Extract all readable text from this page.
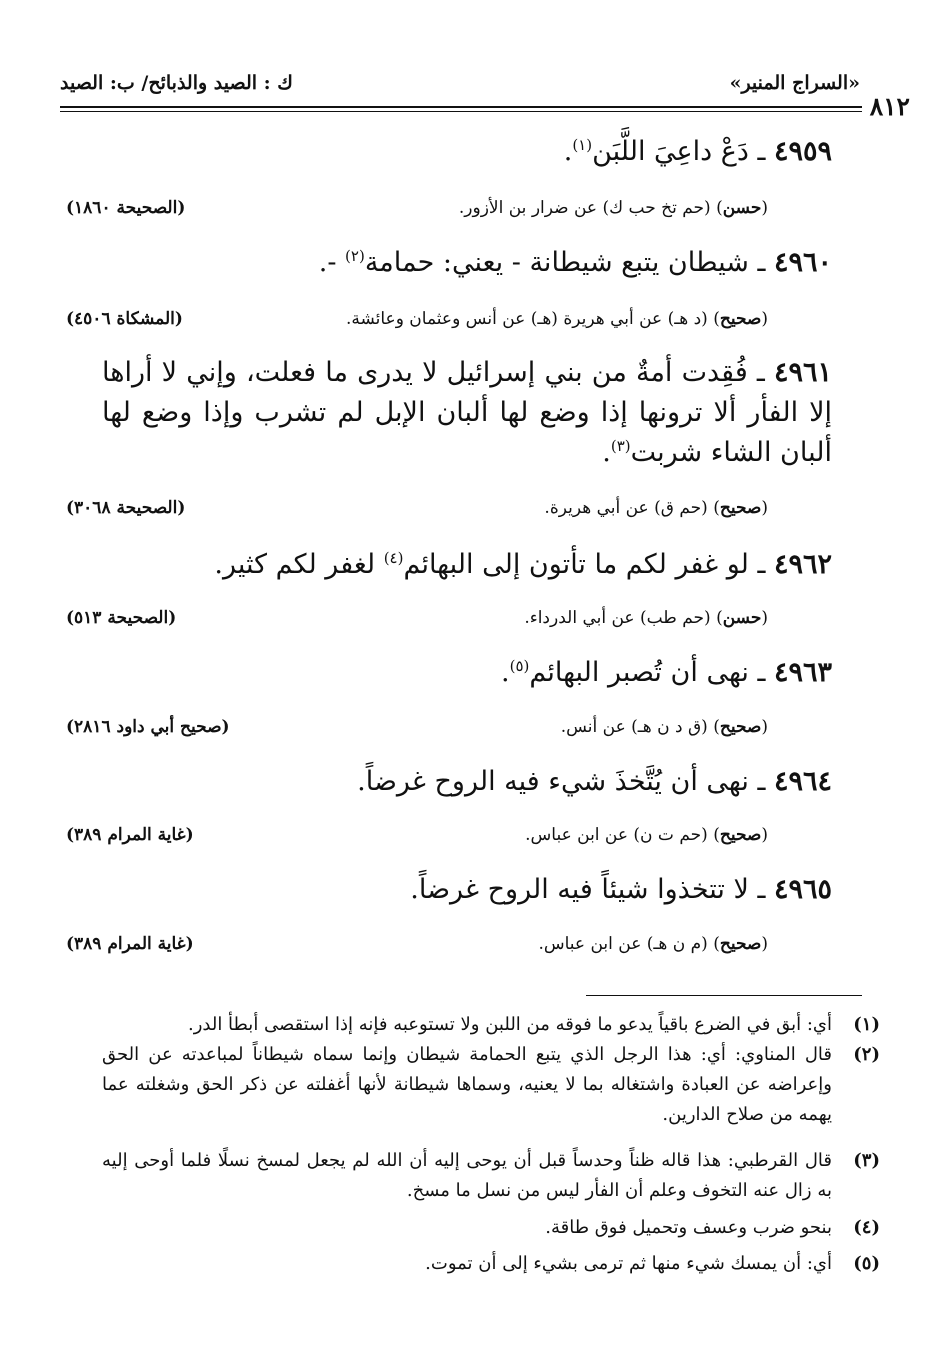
٨١٢
«السراج المنير»
ك : الصيد والذبائح/ ب: الصيد
٤٩٥٩ ـ دَعْ داعِيَ اللَّبَن$^{(١)}$.
(حسن) (حم تخ حب ك) عن ضرار بن الأزور.
(الصحيحة ١٨٦٠)
٤٩٦٠ ـ شيطان يتبع شيطانة - يعني: حمامة$^{(٢)}$ -.
(صحيح) (د هـ) عن أبي هريرة (هـ) عن أنس وعثمان وعائشة.
(المشكاة ٤٥٠٦)
٤٩٦١ ـ فُقِدت أمةٌ من بني إسرائيل لا يدرى ما فعلت، وإني لا أراها إلا الفأر ألا ترونها إذا وضع لها ألبان الإبل لم تشرب وإذا وضع لها ألبان الشاء شربت$^{(٣)}$.
(صحيح) (حم ق) عن أبي هريرة.
(الصحيحة ٣٠٦٨)
٤٩٦٢ ـ لو غفر لكم ما تأتون إلى البهائم$^{(٤)}$ لغفر لكم كثير.
(حسن) (حم طب) عن أبي الدرداء.
(الصحيحة ٥١٣)
٤٩٦٣ ـ نهى أن تُصبر البهائم$^{(٥)}$.
(صحيح) (ق د ن هـ) عن أنس.
(صحيح أبي داود ٢٨١٦)
٤٩٦٤ ـ نهى أن يُتَّخذَ شيء فيه الروح غرضاً.
(صحيح) (حم ت ن) عن ابن عباس.
(غاية المرام ٣٨٩)
٤٩٦٥ ـ لا تتخذوا شيئاً فيه الروح غرضاً.
(صحيح) (م ن هـ) عن ابن عباس.
(غاية المرام ٣٨٩)
(١)
أي: أبق في الضرع باقياً يدعو ما فوقه من اللبن ولا تستوعبه فإنه إذا استقصى أبطأ الدر.
(٢)
قال المناوي: أي: هذا الرجل الذي يتبع الحمامة شيطان وإنما سماه شيطاناً لمباعدته عن الحق وإعراضه عن العبادة واشتغاله بما لا يعنيه، وسماها شيطانة لأنها أغفلته عن ذكر الحق وشغلته عما يهمه من صلاح الدارين.
(٣)
قال القرطبي: هذا قاله ظناً وحدساً قبل أن يوحى إليه أن الله لم يجعل لمسخ نسلًا فلما أوحى إليه به زال عنه التخوف وعلم أن الفأر ليس من نسل ما مسخ.
(٤)
بنحو ضرب وعسف وتحميل فوق طاقة.
(٥)
أي: أن يمسك شيء منها ثم ترمى بشيء إلى أن تموت.
